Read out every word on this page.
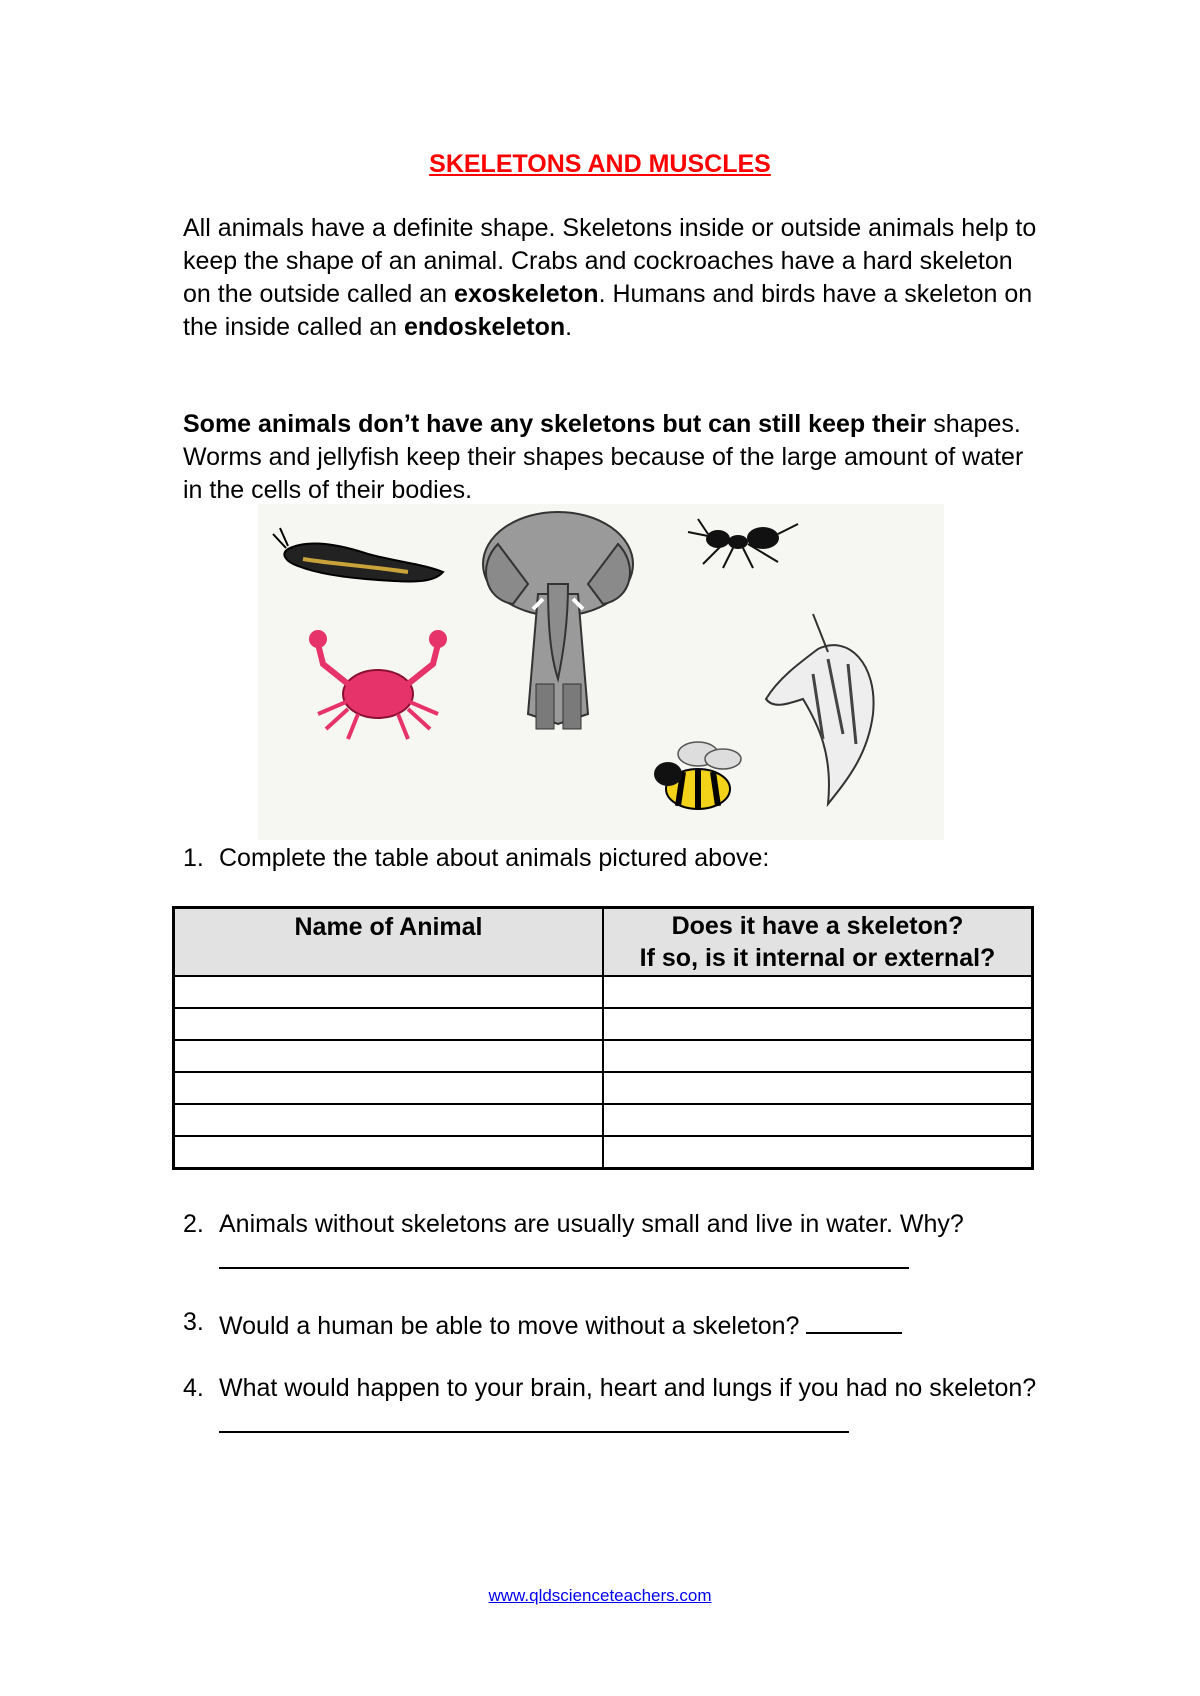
SKELETONS AND MUSCLES
All animals have a definite shape. Skeletons inside or outside animals help to keep the shape of an animal. Crabs and cockroaches have a hard skeleton on the outside called an exoskeleton. Humans and birds have a skeleton on the inside called an endoskeleton.
Some animals don’t have any skeletons but can still keep their shapes. Worms and jellyfish keep their shapes because of the large amount of water in the cells of their bodies.
1. Complete the table about animals pictured above:
Name of Animal	Does it have a skeleton?
If so, is it internal or external?

2. Animals without skeletons are usually small and live in water. Why?
3. Would a human be able to move without a skeleton?
4. What would happen to your brain, heart and lungs if you had no skeleton?
www.qldscienceteachers.com
